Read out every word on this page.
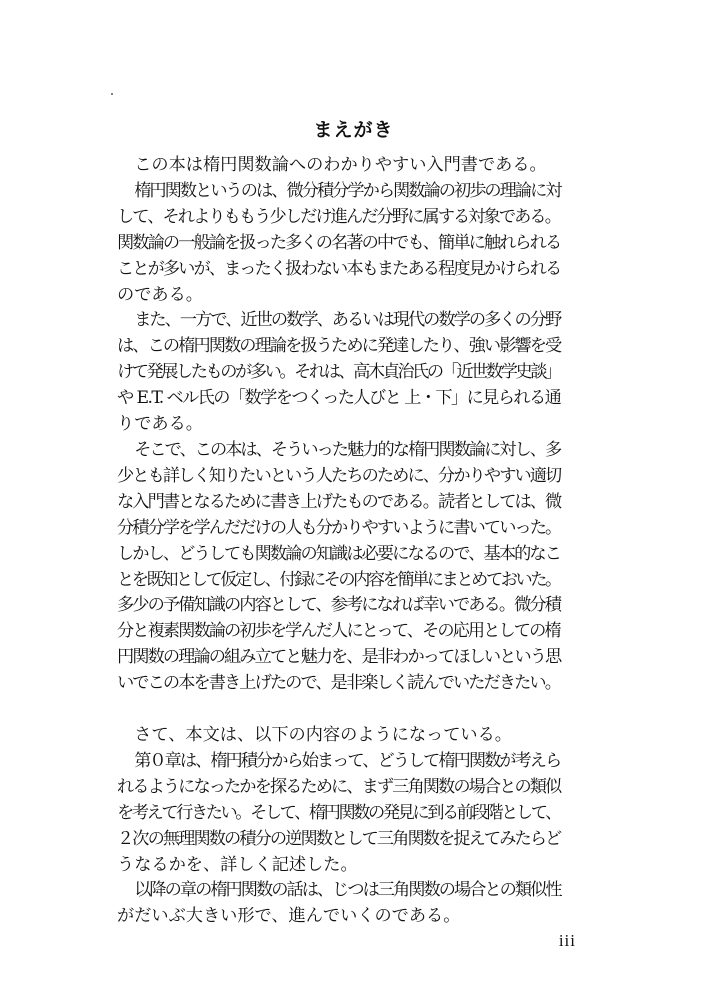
まえがき

この本は楕円関数論へのわかりやすい入門書である。

楕円関数というのは、微分積分学から関数論の初歩の理論に対
して、それよりももう少しだけ進んだ分野に属する対象である。
関数論の一般論を扱った多くの名著の中でも、簡単に触れられる
ことが多いが、まったく扱わない本もまたある程度見かけられる
のである。

また、一方で、近世の数学、あるいは現代の数学の多くの分野
は、この楕円関数の理論を扱うために発達したり、強い影響を受
けて発展したものが多い。それは、高木貞治氏の「近世数学史談」
や E.T. ベル氏の「数学をつくった人びと 上・下」に見られる通
りである。

そこで、この本は、そういった魅力的な楕円関数論に対し、多
少とも詳しく知りたいという人たちのために、分かりやすい適切
な入門書となるために書き上げたものである。読者としては、微
分積分学を学んだだけの人も分かりやすいように書いていった。
しかし、どうしても関数論の知識は必要になるので、基本的なこ
とを既知として仮定し、付録にその内容を簡単にまとめておいた。
多少の予備知識の内容として、参考になれば幸いである。微分積
分と複素関数論の初歩を学んだ人にとって、その応用としての楕
円関数の理論の組み立てと魅力を、是非わかってほしいという思
いでこの本を書き上げたので、是非楽しく読んでいただきたい。

さて、本文は、以下の内容のようになっている。

第０章は、楕円積分から始まって、どうして楕円関数が考えら
れるようになったかを探るために、まず三角関数の場合との類似
を考えて行きたい。そして、楕円関数の発見に到る前段階として、
２次の無理関数の積分の逆関数として三角関数を捉えてみたらど
うなるかを、詳しく記述した。

以降の章の楕円関数の話は、じつは三角関数の場合との類似性
がだいぶ大きい形で、進んでいくのである。

iii
